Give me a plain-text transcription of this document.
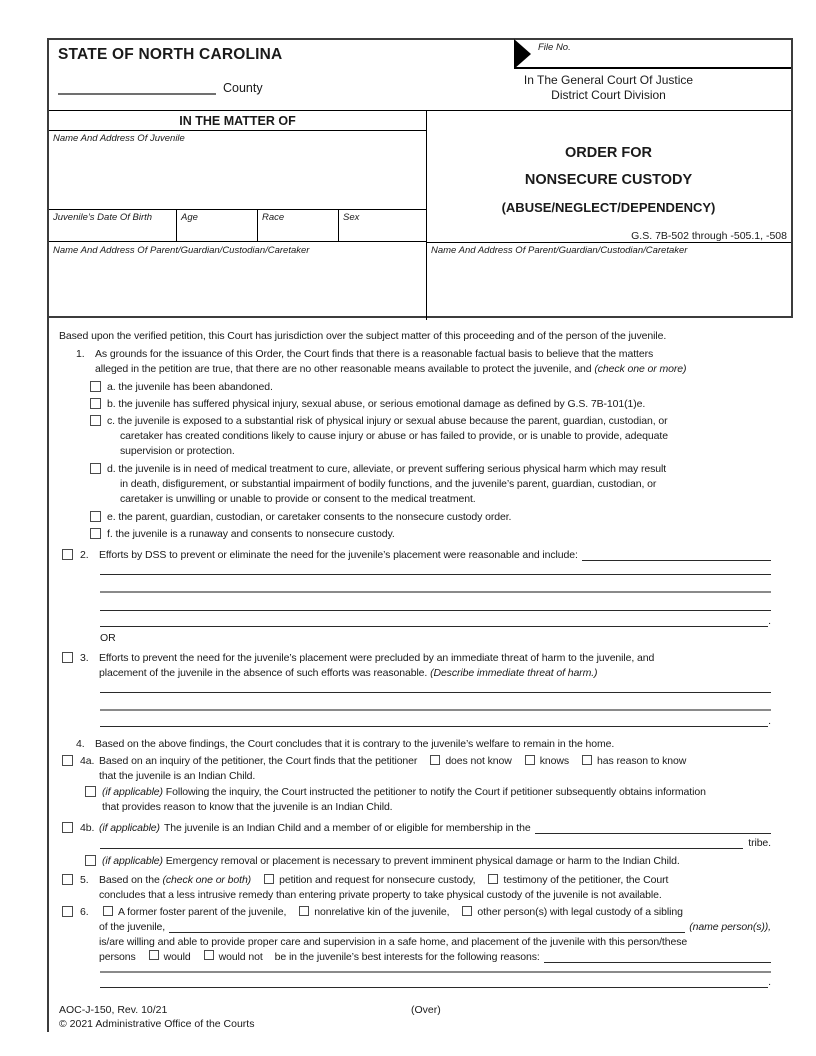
STATE OF NORTH CAROLINA
County
File No.
In The General Court Of Justice
District Court Division
IN THE MATTER OF
Name And Address Of Juvenile
Juvenile’s Date Of Birth	Age	Race	Sex
Name And Address Of Parent/Guardian/Custodian/Caretaker
ORDER FOR
NONSECURE CUSTODY
(ABUSE/NEGLECT/DEPENDENCY)
G.S. 7B-502 through -505.1, -508
Name And Address Of Parent/Guardian/Custodian/Caretaker
Based upon the verified petition, this Court has jurisdiction over the subject matter of this proceeding and of the person of the juvenile.
1. As grounds for the issuance of this Order, the Court finds that there is a reasonable factual basis to believe that the matters
alleged in the petition are true, that there are no other reasonable means available to protect the juvenile, and (check one or more)
a. the juvenile has been abandoned.
b. the juvenile has suffered physical injury, sexual abuse, or serious emotional damage as defined by G.S. 7B-101(1)e.
c. the juvenile is exposed to a substantial risk of physical injury or sexual abuse because the parent, guardian, custodian, or
caretaker has created conditions likely to cause injury or abuse or has failed to provide, or is unable to provide, adequate
supervision or protection.
d. the juvenile is in need of medical treatment to cure, alleviate, or prevent suffering serious physical harm which may result
in death, disfigurement, or substantial impairment of bodily functions, and the juvenile’s parent, guardian, custodian, or
caretaker is unwilling or unable to provide or consent to the medical treatment.
e. the parent, guardian, custodian, or caretaker consents to the nonsecure custody order.
f. the juvenile is a runaway and consents to nonsecure custody.
2. Efforts by DSS to prevent or eliminate the need for the juvenile’s placement were reasonable and include:
.
OR
3. Efforts to prevent the need for the juvenile’s placement were precluded by an immediate threat of harm to the juvenile, and
placement of the juvenile in the absence of such efforts was reasonable. (Describe immediate threat of harm.)
.
4. Based on the above findings, the Court concludes that it is contrary to the juvenile’s welfare to remain in the home.
4a. Based on an inquiry of the petitioner, the Court finds that the petitioner	does not know	knows	has reason to know
that the juvenile is an Indian Child.
(if applicable) Following the inquiry, the Court instructed the petitioner to notify the Court if petitioner subsequently obtains information
that provides reason to know that the juvenile is an Indian Child.
4b. (if applicable) The juvenile is an Indian Child and a member of or eligible for membership in the
tribe.
(if applicable) Emergency removal or placement is necessary to prevent imminent physical damage or harm to the Indian Child.
5. Based on the (check one or both)	petition and request for nonsecure custody,	testimony of the petitioner, the Court
concludes that a less intrusive remedy than entering private property to take physical custody of the juvenile is not available.
6.	A former foster parent of the juvenile,	nonrelative kin of the juvenile,	other person(s) with legal custody of a sibling
of the juvenile,	(name person(s)),
is/are willing and able to provide proper care and supervision in a safe home, and placement of the juvenile with this person/these
persons	would	would not be in the juvenile’s best interests for the following reasons:
.
AOC-J-150, Rev. 10/21	(Over)
© 2021 Administrative Office of the Courts
